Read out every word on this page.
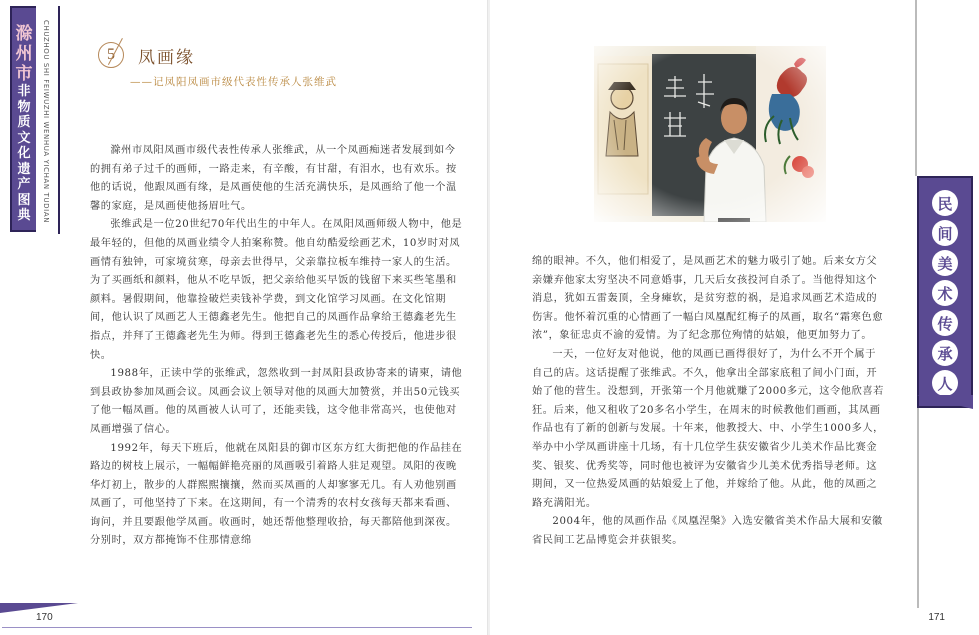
滁
州
市
非
物
质
文
化
遗
产
图
典 CHUZHOU SHI FEIWUZHI WENHUA YICHAN TUDIAN	5	凤画缘
——记凤阳凤画市级代表性传承人张维武

滁州市凤阳凤画市级代表性传承人张维武，从一个凤画痴迷者发展到如今的拥有弟子过千的画师，一路走来，有辛酸，有甘甜，有泪水，也有欢乐。按他的话说，他跟凤画有缘，是凤画使他的生活充满快乐，是凤画给了他一个温馨的家庭，是凤画使他扬眉吐气。

张维武是一位20世纪70年代出生的中年人。在凤阳凤画师级人物中，他是最年轻的，但他的凤画业绩令人拍案称赞。他自幼酷爱绘画艺术，10岁时对凤画情有独钟，可家境贫寒，母亲去世得早，父亲靠拉板车维持一家人的生活。为了买画纸和颜料，他从不吃早饭，把父亲给他买早饭的钱留下来买些笔墨和颜料。暑假期间，他靠捡破烂卖钱补学费，到文化馆学习凤画。在文化馆期间，他认识了凤画艺人王德鑫老先生。他把自己的凤画作品拿给王德鑫老先生指点，并拜了王德鑫老先生为师。得到王德鑫老先生的悉心传授后，他进步很快。

1988年，正读中学的张维武，忽然收到一封凤阳县政协寄来的请柬，请他到县政协参加凤画会议。凤画会议上领导对他的凤画大加赞赏，并出50元钱买了他一幅凤画。他的凤画被人认可了，还能卖钱，这令他非常高兴，也使他对凤画增强了信心。

1992年，每天下班后，他就在凤阳县的御市区东方红大街把他的作品挂在路边的树枝上展示，一幅幅鲜艳亮丽的凤画吸引着路人驻足观望。凤阳的夜晚华灯初上，散步的人群熙熙攘攘，然而买凤画的人却寥寥无几。有人劝他别画凤画了，可他坚持了下来。在这期间，有一个清秀的农村女孩每天都来看画、询问，并且要跟他学凤画。收画时，她还帮他整理收拾，每天都陪他到深夜。分别时，双方都掩饰不住那情意绵

170

绵的眼神。不久，他们相爱了，是凤画艺术的魅力吸引了她。后来女方父亲嫌弃他家太穷坚决不同意婚事，几天后女孩投河自杀了。当他得知这个消息，犹如五雷轰顶，全身瘫软，是贫穷惹的祸，是追求凤画艺术造成的伤害。他怀着沉重的心情画了一幅白凤凰配红梅子的凤画，取名“霜寒色愈浓”，象征忠贞不渝的爱情。为了纪念那位殉情的姑娘，他更加努力了。

一天，一位好友对他说，他的凤画已画得很好了，为什么不开个属于自己的店。这话提醒了张维武。不久，他拿出全部家底租了间小门面，开始了他的营生。没想到，开张第一个月他就赚了2000多元，这令他欣喜若狂。后来，他又租收了20多名小学生，在周末的时候教他们画画，其凤画作品也有了新的创新与发展。十年来，他教授大、中、小学生1000多人，举办中小学凤画讲座十几场，有十几位学生获安徽省少儿美术作品比赛金奖、银奖、优秀奖等，同时他也被评为安徽省少儿美术优秀指导老师。这期间，又一位热爱凤画的姑娘爱上了他，并嫁给了他。从此，他的凤画之路充满阳光。

2004年，他的凤画作品《凤凰涅槃》入选安徽省美术作品大展和安徽省民间工艺品博览会并获银奖。

民
间
美
术
传
承
人
171
